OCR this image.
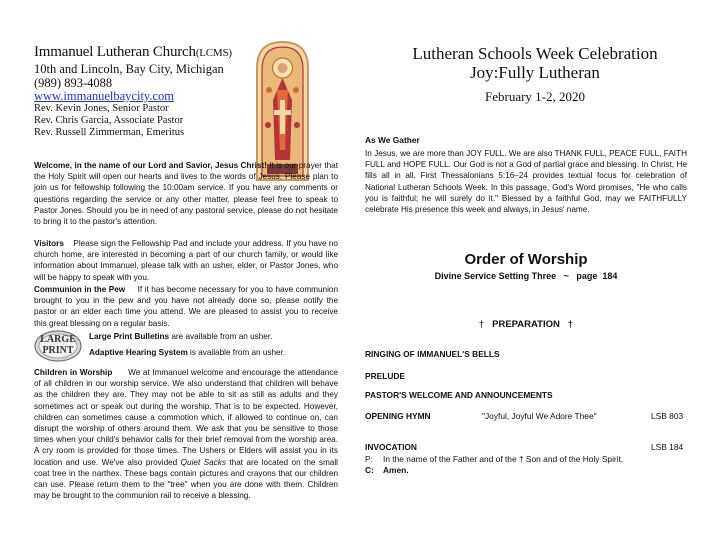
Immanuel Lutheran Church(LCMS)
10th and Lincoln, Bay City, Michigan
(989) 893-4088
www.immanuelbaycity.com
Rev. Kevin Jones, Senior Pastor
Rev. Chris Garcia, Associate Pastor
Rev. Russell Zimmerman, Emeritus
Welcome, in the name of our Lord and Savior, Jesus Christ! It is our prayer that the Holy Spirit will open our hearts and lives to the words of Jesus. Please plan to join us for fellowship following the 10:00am service. If you have any comments or questions regarding the service or any other matter, please feel free to speak to Pastor Jones. Should you be in need of any pastoral service, please do not hesitate to bring it to the pastor's attention.
Visitors Please sign the Fellowship Pad and include your address. If you have no church home, are interested in becoming a part of our church family, or would like information about Immanuel, please talk with an usher, elder, or Pastor Jones, who will be happy to speak with you.
Communion in the Pew If it has become necessary for you to have communion brought to you in the pew and you have not already done so, please notify the pastor or an elder each time you attend. We are pleased to assist you to receive this great blessing on a regular basis.
LARGE
PRINT
Large Print Bulletins are available from an usher.
Adaptive Hearing System is available from an usher.
Children in Worship We at Immanuel welcome and encourage the attendance of all children in our worship service. We also understand that children will behave as the children they are. They may not be able to sit as still as adults and they sometimes act or speak out during the worship. That is to be expected. However, children can sometimes cause a commotion which, if allowed to continue on, can disrupt the worship of others around them. We ask that you be sensitive to those times when your child's behavior calls for their brief removal from the worship area. A cry room is provided for those times. The Ushers or Elders will assist you in its location and use. We've also provided Quiet Sacks that are located on the small coat tree in the narthex. These bags contain pictures and crayons that our children can use. Please return them to the "tree" when you are done with them. Children may be brought to the communion rail to receive a blessing.
Lutheran Schools Week Celebration
Joy:Fully Lutheran
February 1-2, 2020
As We Gather
In Jesus, we are more than JOY FULL. We are also THANK FULL, PEACE FULL, FAITH FULL and HOPE FULL. Our God is not a God of partial grace and blessing. In Christ, He fills all in all. First Thessalonians 5:16–24 provides textual focus for celebration of National Lutheran Schools Week. In this passage, God's Word promises, "He who calls you is faithful; he will surely do it." Blessed by a faithful God, may we FAITHFULLY celebrate His presence this week and always, in Jesus' name.
Order of Worship
Divine Service Setting Three   ~   page  184
†   PREPARATION   †
RINGING OF IMMANUEL'S BELLS
PRELUDE
PASTOR'S WELCOME AND ANNOUNCEMENTS
OPENING HYMN	"Joyful, Joyful We Adore Thee"	LSB 803
INVOCATION	LSB 184
P: In the name of the Father and of the † Son and of the Holy Spirit.
C: Amen.
